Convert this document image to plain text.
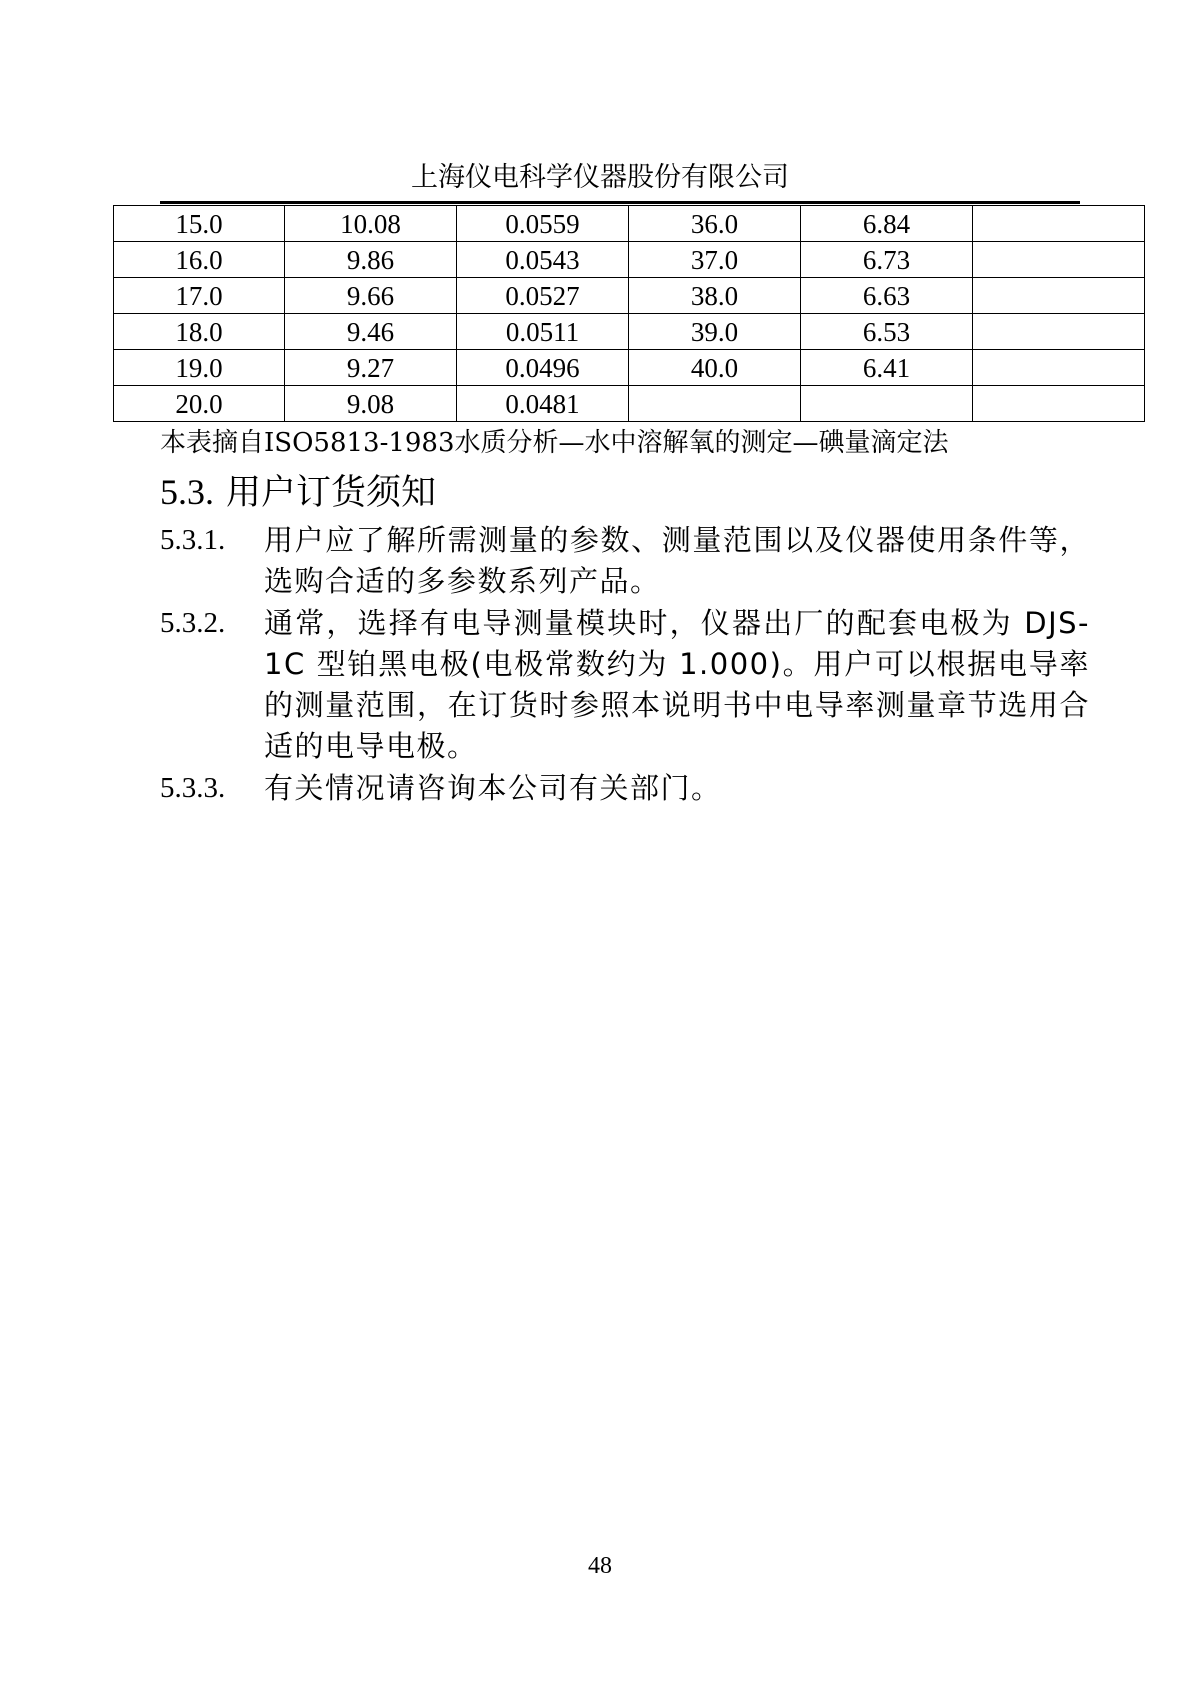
上海仪电科学仪器股份有限公司
15.0	10.08	0.0559	36.0	6.84	
16.0	9.86	0.0543	37.0	6.73	
17.0	9.66	0.0527	38.0	6.63	
18.0	9.46	0.0511	39.0	6.53	
19.0	9.27	0.0496	40.0	6.41	
20.0	9.08	0.0481			
本表摘自ISO5813-1983水质分析—水中溶解氧的测定—碘量滴定法
5.3. 用户订货须知
5.3.1. 用户应了解所需测量的参数、测量范围以及仪器使用条件等，选购合适的多参数系列产品。
5.3.2. 通常，选择有电导测量模块时，仪器出厂的配套电极为 DJS-1C 型铂黑电极(电极常数约为 1.000)。用户可以根据电导率的测量范围，在订货时参照本说明书中电导率测量章节选用合适的电导电极。
5.3.3. 有关情况请咨询本公司有关部门。
48
